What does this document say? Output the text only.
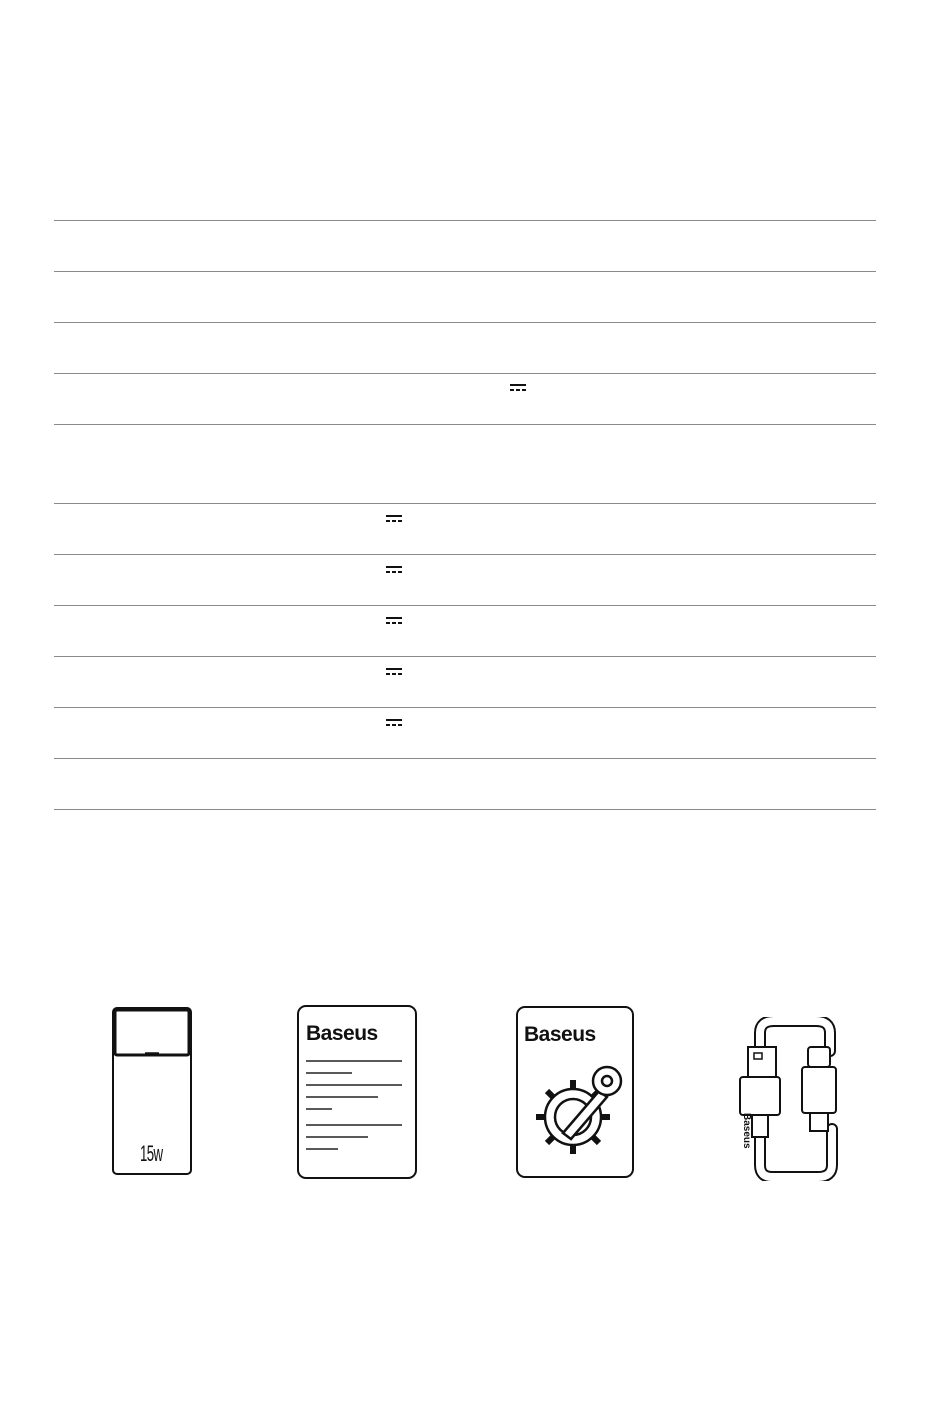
15w
Baseus	Baseus
Baseus
